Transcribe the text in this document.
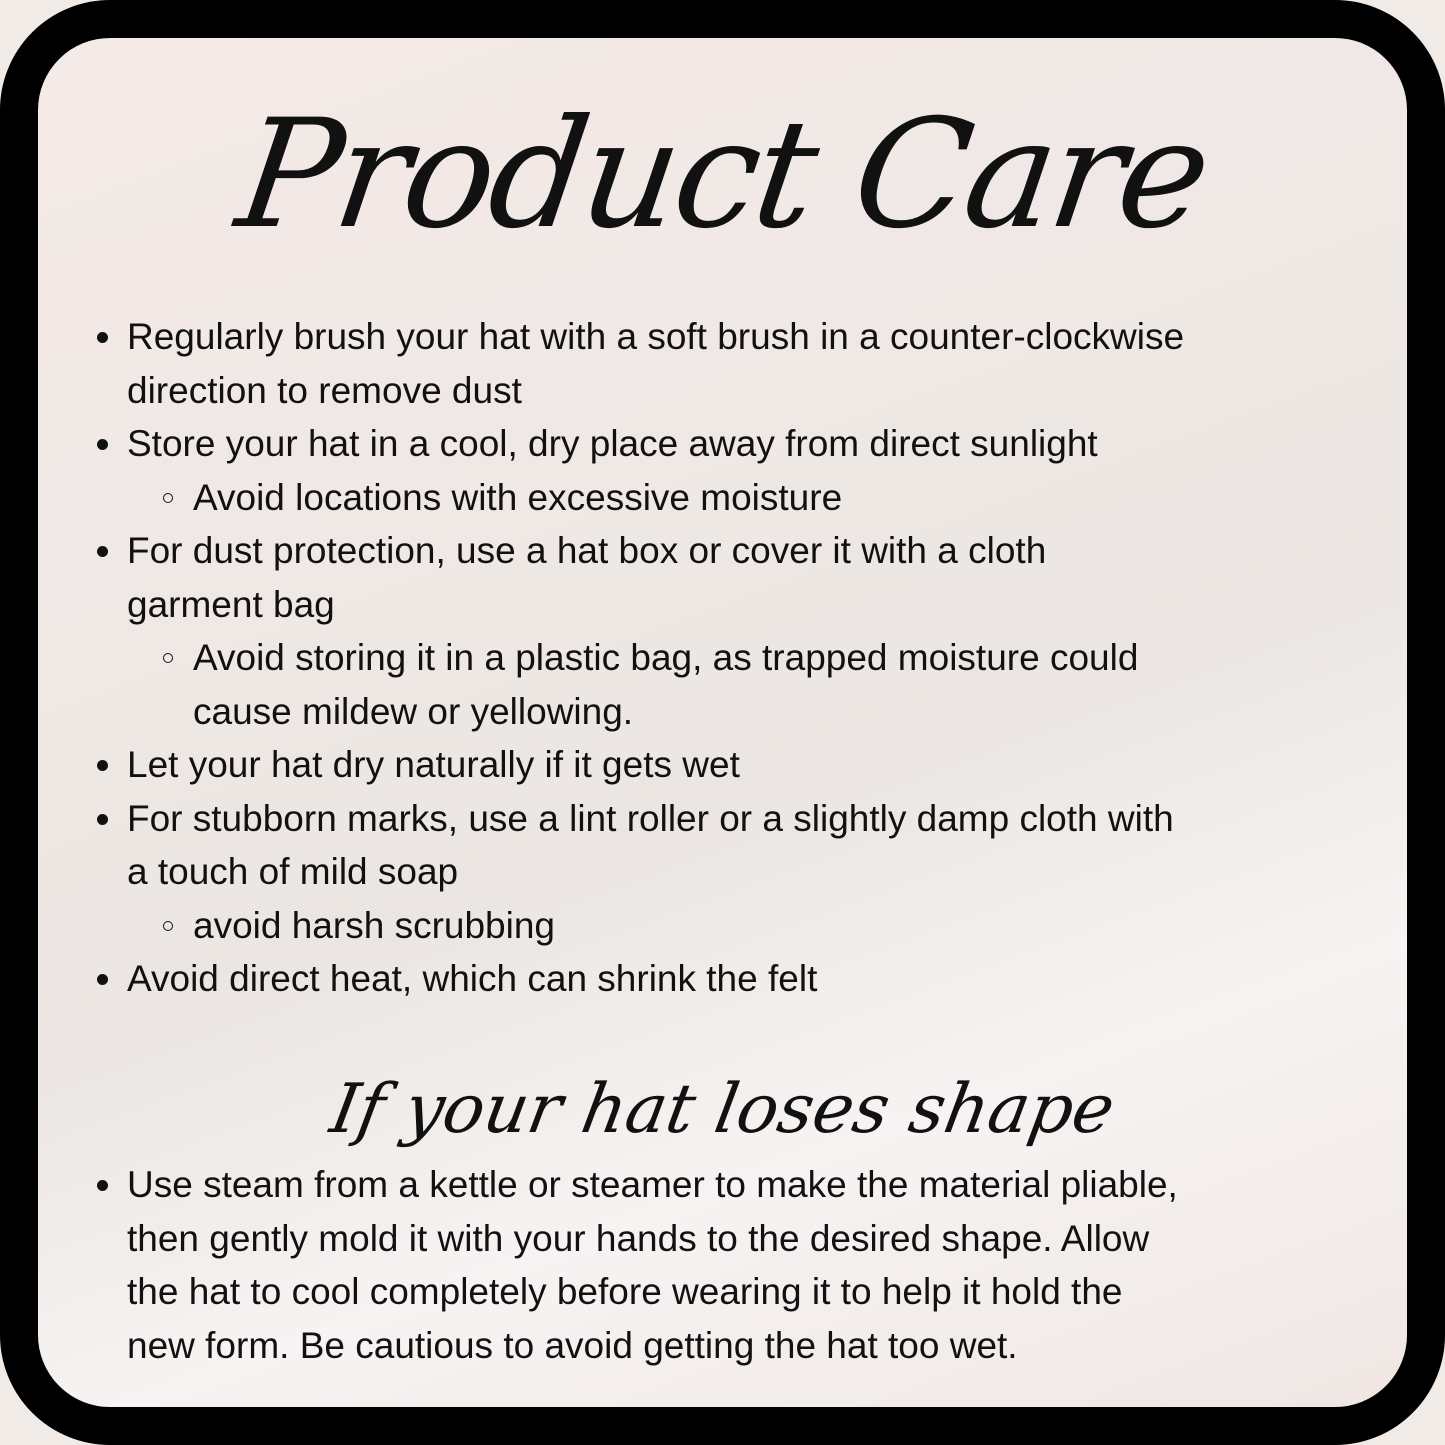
Product Care
Regularly brush your hat with a soft brush in a counter-clockwise
direction to remove dust
Store your hat in a cool, dry place away from direct sunlight
Avoid locations with excessive moisture
For dust protection, use a hat box or cover it with a cloth
garment bag
Avoid storing it in a plastic bag, as trapped moisture could
cause mildew or yellowing.
Let your hat dry naturally if it gets wet
For stubborn marks, use a lint roller or a slightly damp cloth with
a touch of mild soap
avoid harsh scrubbing
Avoid direct heat, which can shrink the felt
If your hat loses shape
Use steam from a kettle or steamer to make the material pliable,
then gently mold it with your hands to the desired shape. Allow
the hat to cool completely before wearing it to help it hold the
new form. Be cautious to avoid getting the hat too wet.
